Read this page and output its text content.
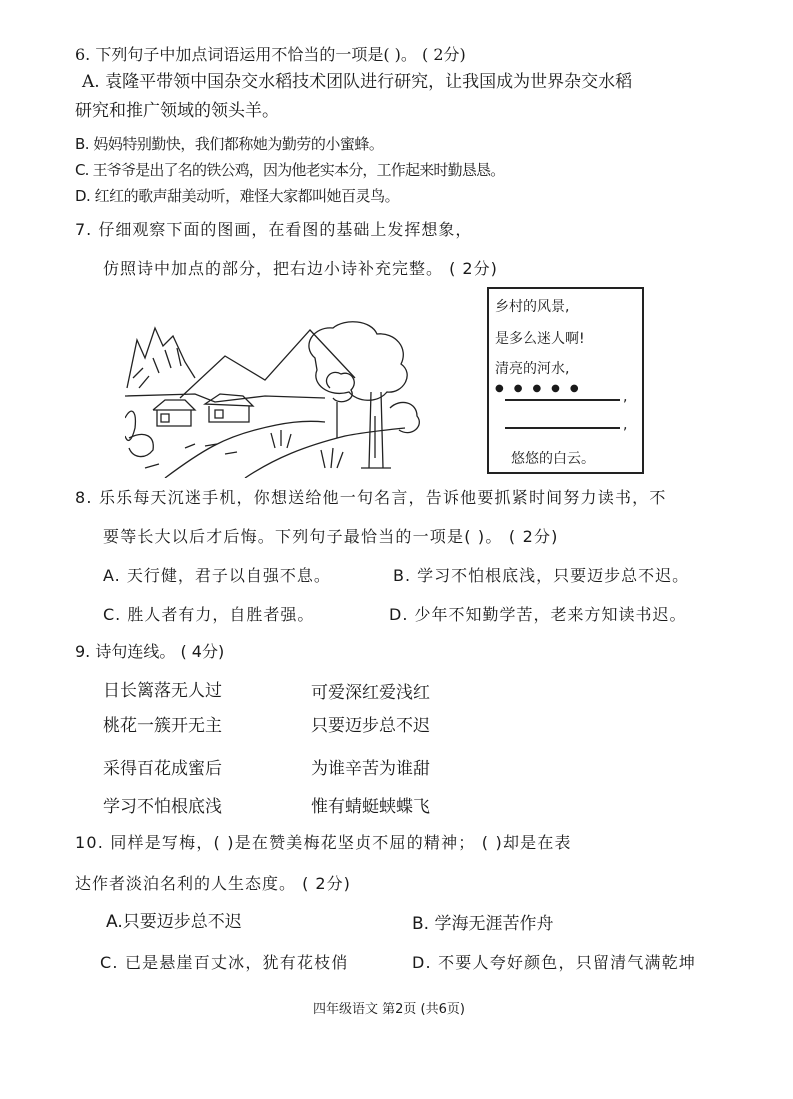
6. 下列句子中加点词语运用不恰当的一项是( )。 ( 2分)
A. 袁隆平带领中国杂交水稻技术团队进行研究，让我国成为世界杂交水稻
研究和推广领域的领头羊。
B. 妈妈特别勤快，我们都称她为勤劳的小蜜蜂。
C. 王爷爷是出了名的铁公鸡，因为他老实本分，工作起来时勤恳恳。
D. 红红的歌声甜美动听，难怪大家都叫她百灵鸟。
7. 仔细观察下面的图画，在看图的基础上发挥想象，
仿照诗中加点的部分，把右边小诗补充完整。 ( 2分)
乡村的风景,
是多么迷人啊!
清亮的河水,
●●●●●
,
,
悠悠的白云。
8. 乐乐每天沉迷手机，你想送给他一句名言，告诉他要抓紧时间努力读书，不
要等长大以后才后悔。下列句子最恰当的一项是( )。 ( 2分)
A. 天行健，君子以自强不息。	B. 学习不怕根底浅，只要迈步总不迟。
C. 胜人者有力，自胜者强。	D. 少年不知勤学苦，老来方知读书迟。
9. 诗句连线。 ( 4分)
日长篱落无人过	可爱深红爱浅红
桃花一簇开无主	只要迈步总不迟
采得百花成蜜后	为谁辛苦为谁甜
学习不怕根底浅	惟有蜻蜓蛱蝶飞
10. 同样是写梅，( )是在赞美梅花坚贞不屈的精神； ( )却是在表
达作者淡泊名利的人生态度。 ( 2分)
A.只要迈步总不迟	B. 学海无涯苦作舟
C. 已是悬崖百丈冰，犹有花枝俏	D. 不要人夸好颜色，只留清气满乾坤
四年级语文 第2页 (共6页)
